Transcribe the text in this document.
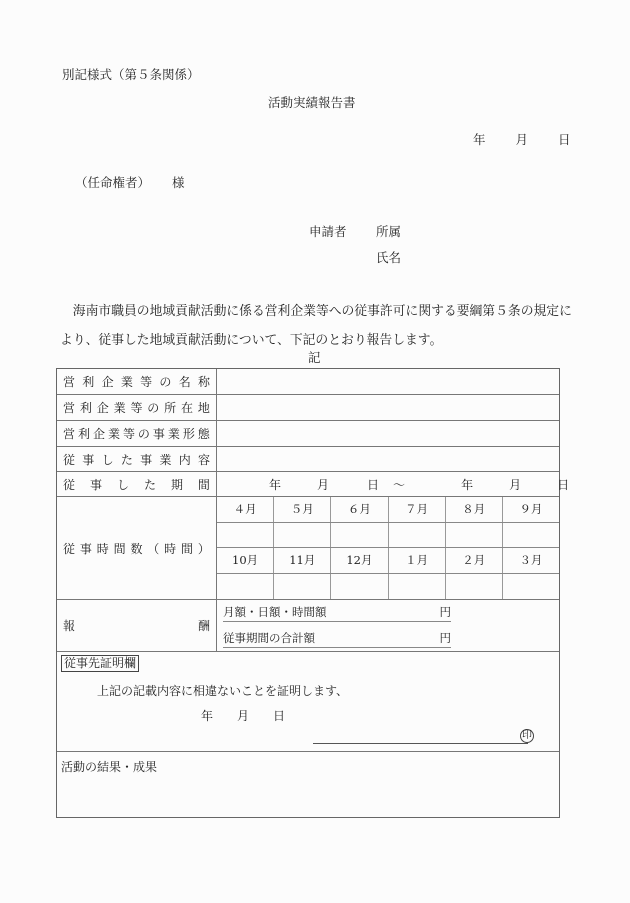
別記様式（第５条関係）
活動実績報告書
年 月 日
（任命権者） 様
申請者 所属
氏名
海南市職員の地域貢献活動に係る営利企業等への従事許可に関する要綱第５条の規定により、従事した地域貢献活動について、下記のとおり報告します。
記
営 利 企 業 等 の 名 称
営 利 企 業 等 の 所 在 地
営 利 企 業 等 の 事 業 形 態
従 事 し た 事 業 内 容
従 事 し た 期 間	年	月	日 ～	年	月	日
従 事 時 間 数 （ 時 間 ）
４月	５月	６月	７月	８月	９月
10月	11月	12月	１月	２月	３月
報	酬
月額・日額・時間額	円
従事期間の合計額	円
従事先証明欄
上記の記載内容に相違ないことを証明します、
年 月 日
印
活動の結果・成果
